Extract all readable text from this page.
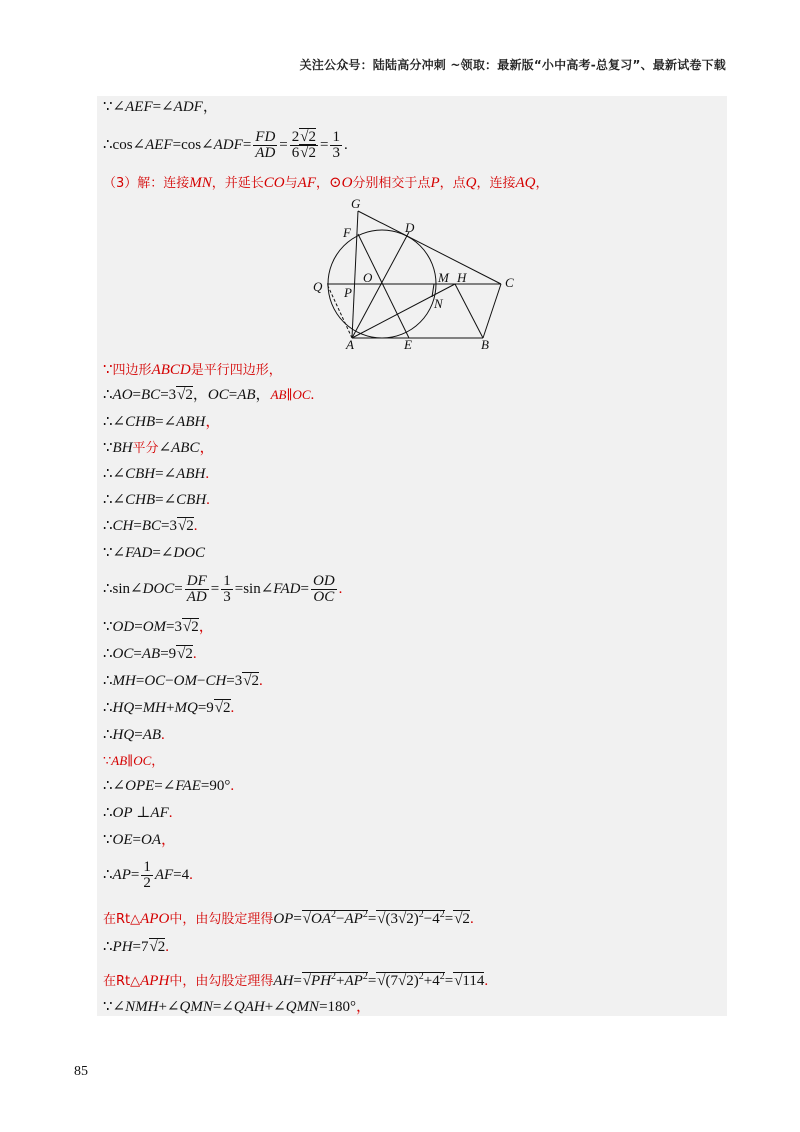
关注公众号：陆陆高分冲刺 ~领取：最新版“小中高考-总复习”、最新试卷下载
∵∠AEF=∠ADF，
∴cos∠AEF=cos∠ADF= $\frac{FD}{AD} = \frac{2√2}{6√2} = \frac{1}{3}$ .
（3）解：连接MN，并延长CO与AF，⊙O分别相交于点P，点Q，连接AQ，
G
F	D
O	M H	C
Q P
N
A	E	B
∵四边形ABCD是平行四边形，
∴AO=BC=3√2，OC=AB，AB∥OC.
∴∠CHB=∠ABH，
∵BH平分∠ABC，
∴∠CBH=∠ABH.
∴∠CHB=∠CBH.
∴CH=BC=3√2.
∵∠FAD=∠DOC
∴sin∠DOC= $\frac{DF}{AD} = \frac{1}{3}$ =sin∠FAD= $\frac{OD}{OC}$ .
∵OD=OM=3√2，
∴OC=AB=9√2.
∴MH=OC−OM−CH=3√2.
∴HQ=MH+MQ=9√2.
∴HQ=AB.
∵AB∥OC，
∴∠OPE=∠FAE=90°.
∴OP ⊥AF.
∵OE=OA，
∴AP= $\frac{1}{2} AF=4$.
在Rt△APO中，由勾股定理得$OP=√OA^2-AP^2=√(3√2)^2-4^2=√2$.
∴PH=7√2.
在Rt△APH中，由勾股定理得$AH=√PH^2+AP^2=√(7√2)^2+4^2=√114$.
∵∠NMH+∠QMN=∠QAH+∠QMN=180°，
85
